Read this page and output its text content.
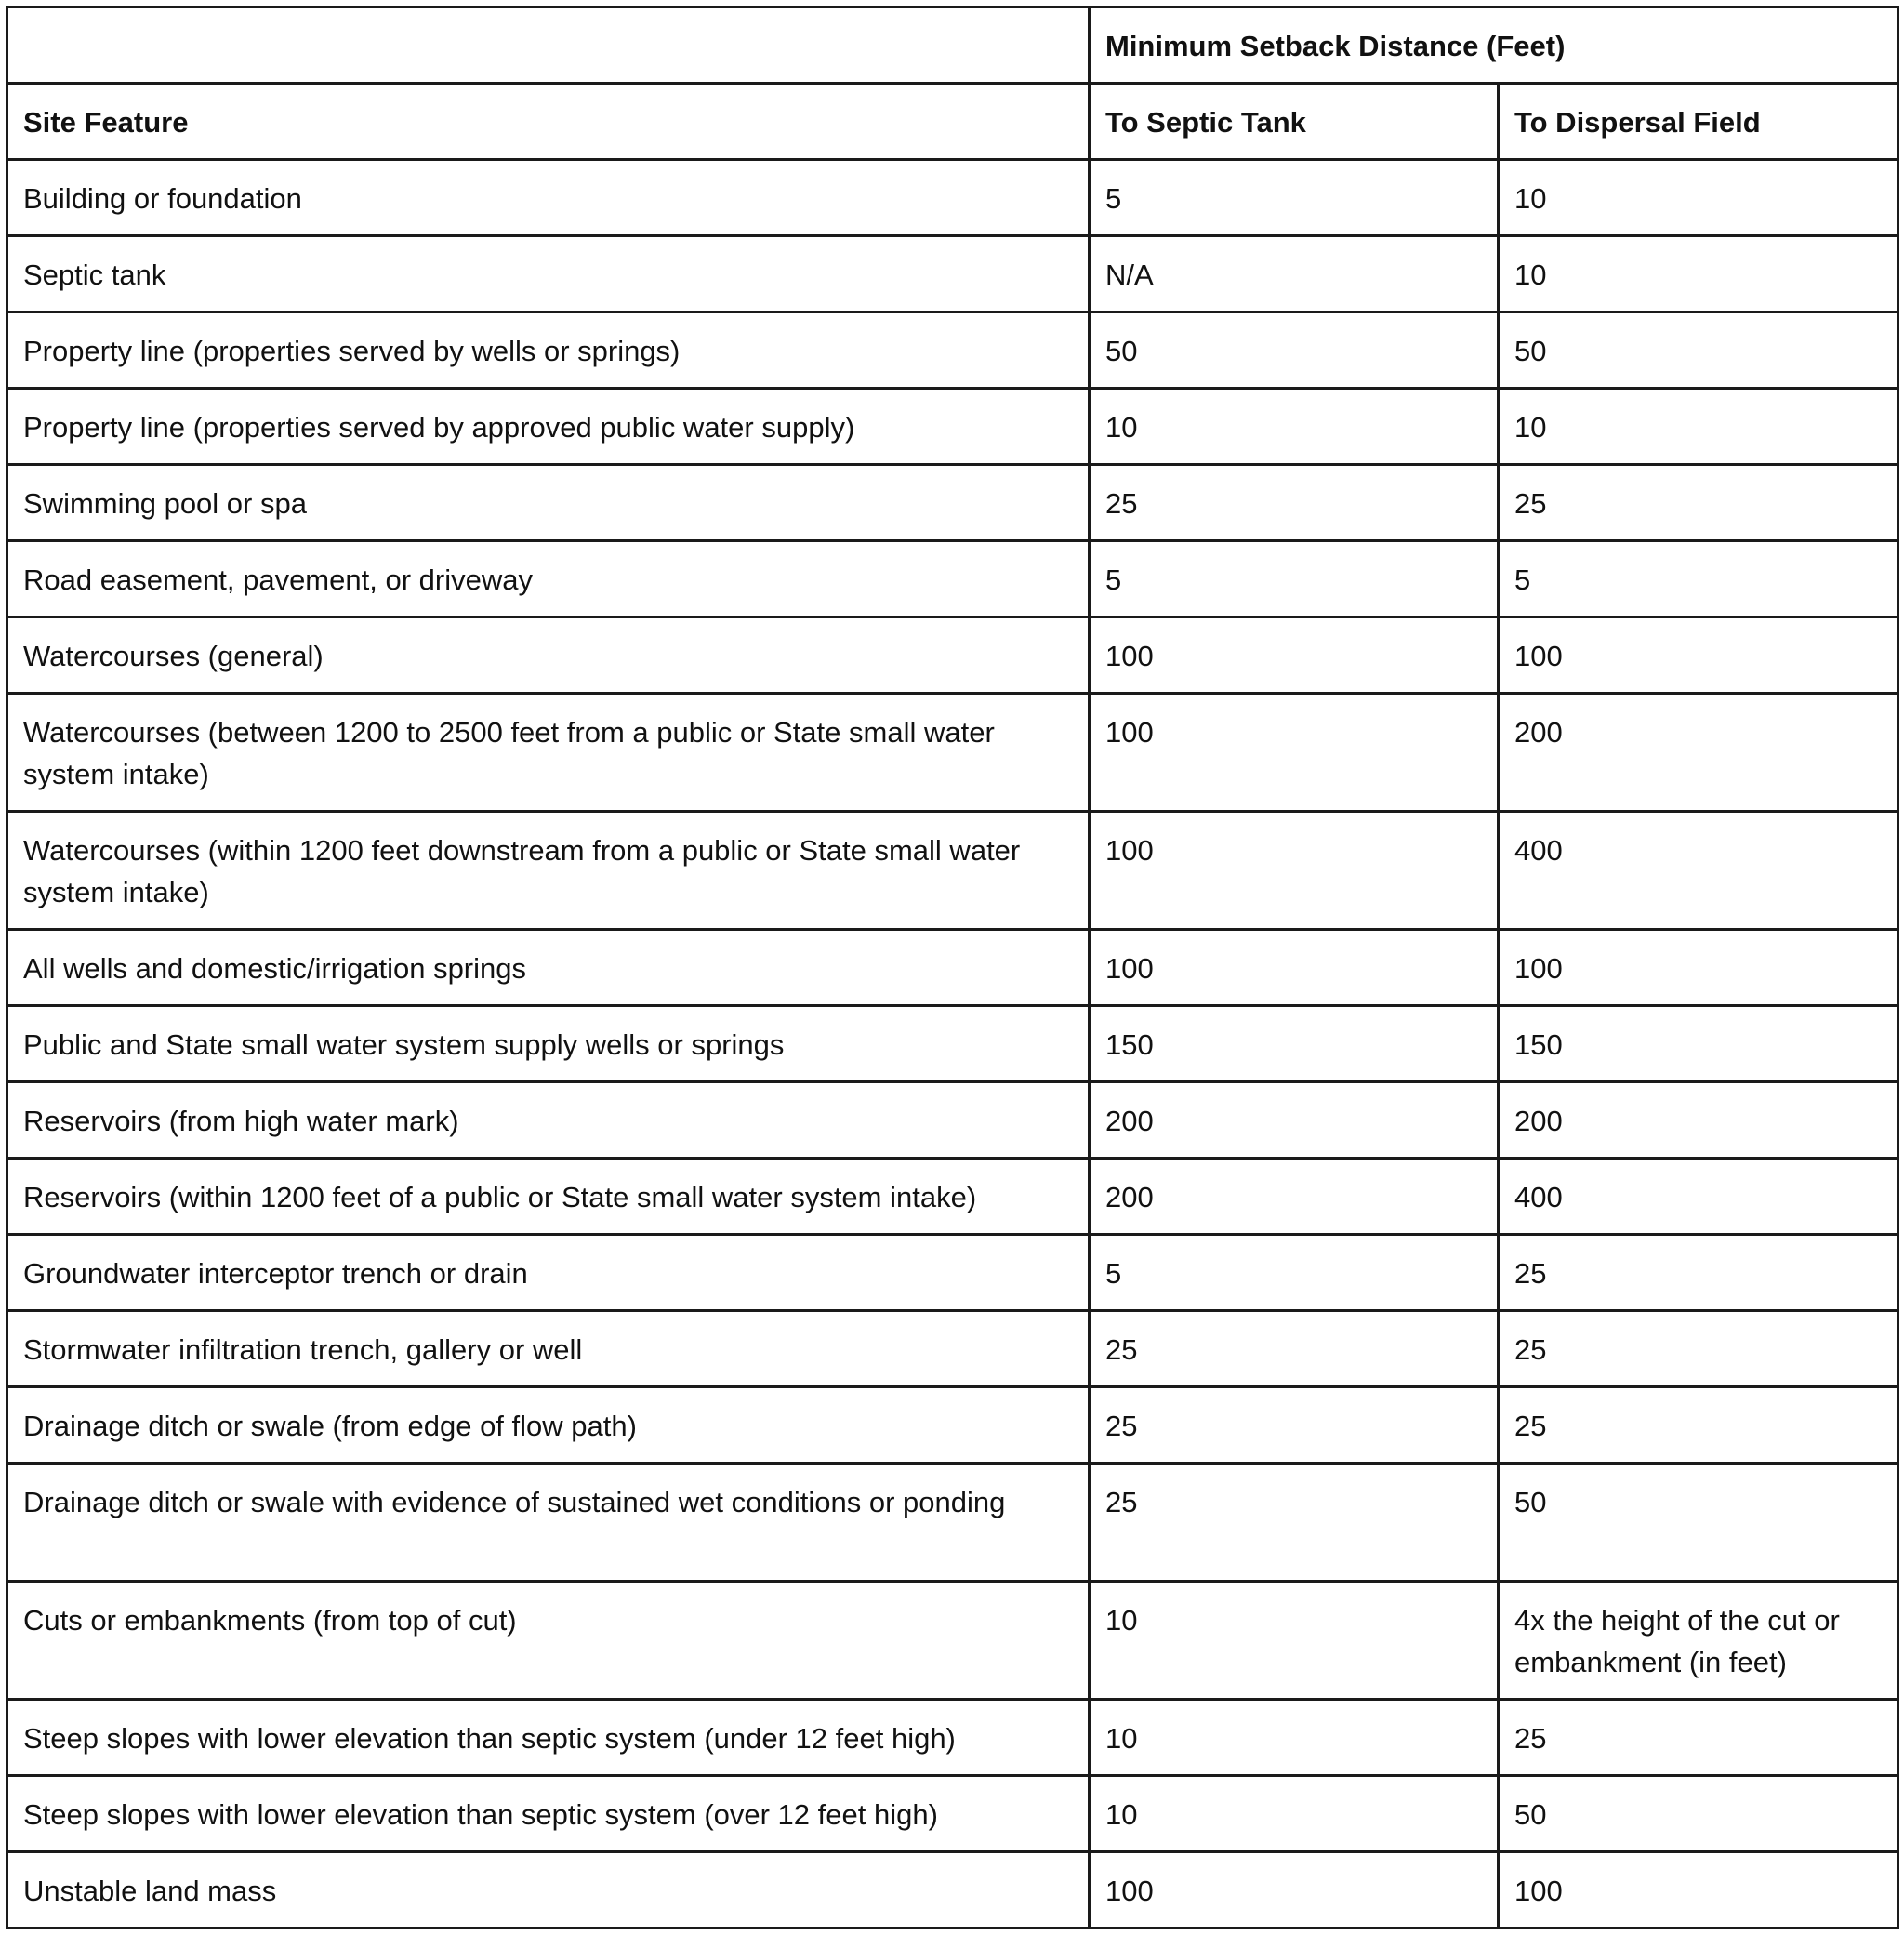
	Minimum Setback Distance (Feet)	
Site Feature	To Septic Tank	To Dispersal Field
Building or foundation	5	10
Septic tank	N/A	10
Property line (properties served by wells or springs)	50	50
Property line (properties served by approved public water supply)	10	10
Swimming pool or spa	25	25
Road easement, pavement, or driveway	5	5
Watercourses (general)	100	100
Watercourses (between 1200 to 2500 feet from a public or State small water system intake)	100	200
Watercourses (within 1200 feet downstream from a public or State small water system intake)	100	400
All wells and domestic/irrigation springs	100	100
Public and State small water system supply wells or springs	150	150
Reservoirs (from high water mark)	200	200
Reservoirs (within 1200 feet of a public or State small water system intake)	200	400
Groundwater interceptor trench or drain	5	25
Stormwater infiltration trench, gallery or well	25	25
Drainage ditch or swale (from edge of flow path)	25	25
Drainage ditch or swale with evidence of sustained wet conditions or ponding	25	50
Cuts or embankments (from top of cut)	10	4x the height of the cut or embankment (in feet)
Steep slopes with lower elevation than septic system (under 12 feet high)	10	25
Steep slopes with lower elevation than septic system (over 12 feet high)	10	50
Unstable land mass	100	100
